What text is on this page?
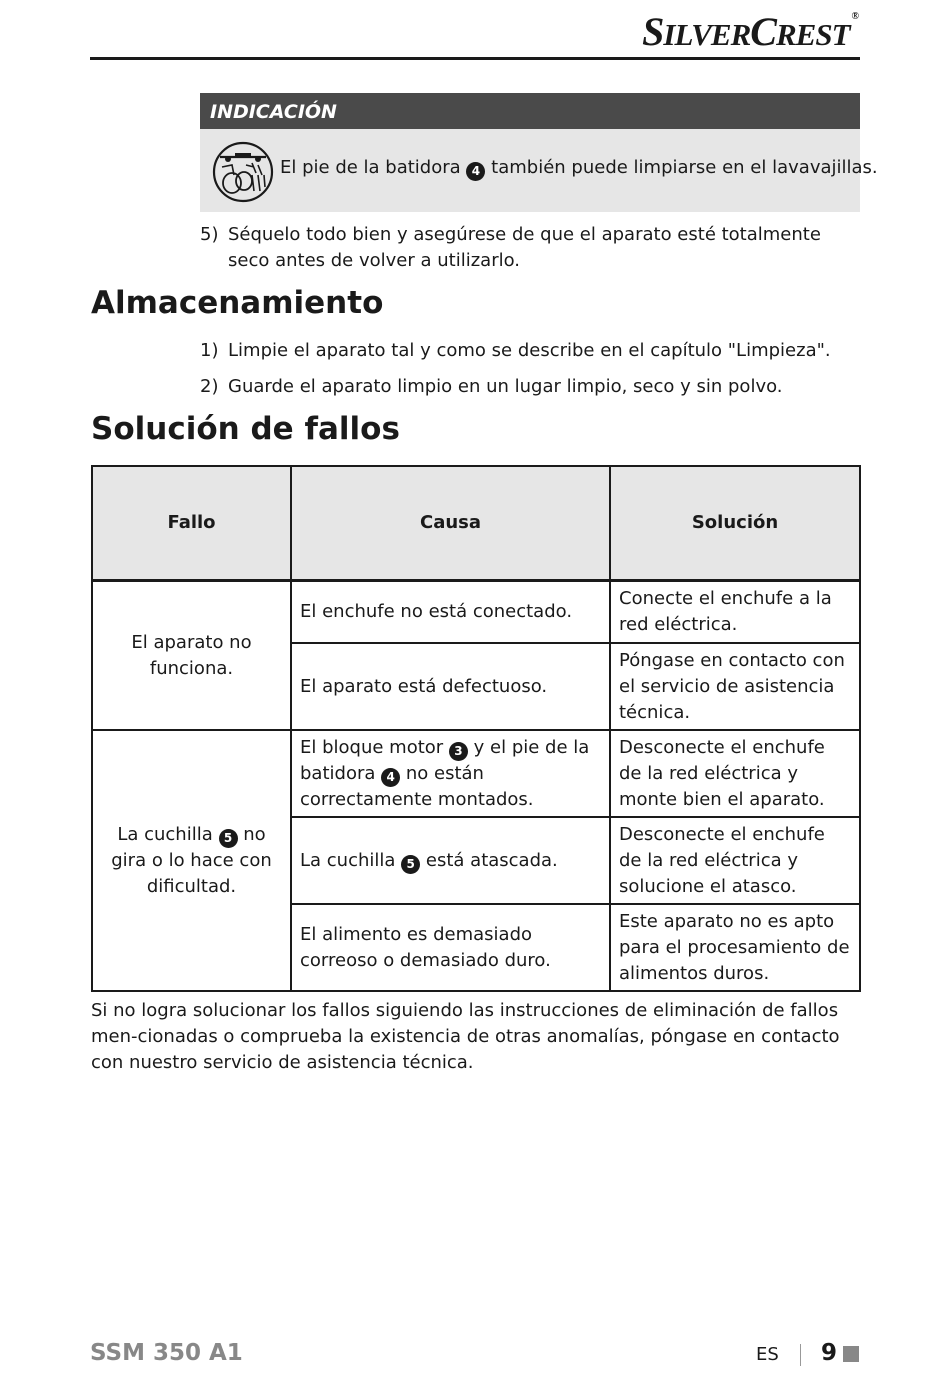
SILVERCREST®
INDICACIÓN
El pie de la batidora 4 también puede limpiarse en el lavavajillas.
5) Séquelo todo bien y asegúrese de que el aparato esté totalmente seco antes de volver a utilizarlo.
Almacenamiento
1) Limpie el aparato tal y como se describe en el capítulo "Limpieza".
2) Guarde el aparato limpio en un lugar limpio, seco y sin polvo.
Solución de fallos
Fallo	Causa	Solución
El aparato no funciona.	El enchufe no está conectado.	Conecte el enchufe a la red eléctrica.
	El aparato está defectuoso.	Póngase en contacto con el servicio de asistencia técnica.
La cuchilla 5 no gira o lo hace con dificultad.	El bloque motor 3 y el pie de la batidora 4 no están correctamente montados.	Desconecte el enchufe de la red eléctrica y monte bien el aparato.
	La cuchilla 5 está atascada.	Desconecte el enchufe de la red eléctrica y solucione el atasco.
	El alimento es demasiado correoso o demasiado duro.	Este aparato no es apto para el procesamiento de alimentos duros.
Si no logra solucionar los fallos siguiendo las instrucciones de eliminación de fallos men-cionadas o comprueba la existencia de otras anomalías, póngase en contacto con nuestro servicio de asistencia técnica.
SSM 350 A1	ES 9
